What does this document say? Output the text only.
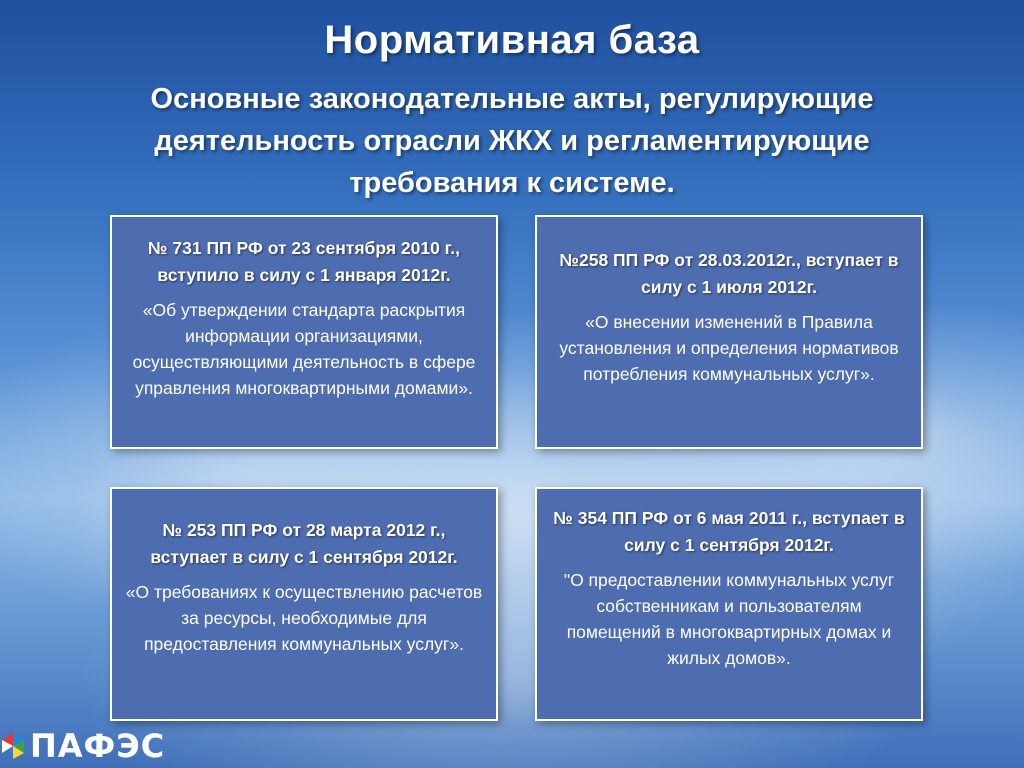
Нормативная база
Основные законодательные акты, регулирующие деятельность отрасли ЖКХ и регламентирующие требования к системе.
№ 731 ПП РФ от 23 сентября 2010 г., вступило в силу с 1 января 2012г.
«Об утверждении стандарта раскрытия информации организациями, осуществляющими деятельность в сфере управления многоквартирными домами».
№258 ПП РФ от 28.03.2012г., вступает в силу с 1 июля 2012г.
«О внесении изменений в Правила установления и определения нормативов потребления коммунальных услуг».
№ 253 ПП РФ от 28 марта 2012 г., вступает в силу с 1 сентября 2012г.
«О требованиях к осуществлению расчетов за ресурсы, необходимые для предоставления коммунальных услуг».
№ 354 ПП РФ от 6 мая 2011 г., вступает в силу с 1 сентября 2012г.
"О предоставлении коммунальных услуг собственникам и пользователям помещений в многоквартирных домах и жилых домов».
ПАФЭС
